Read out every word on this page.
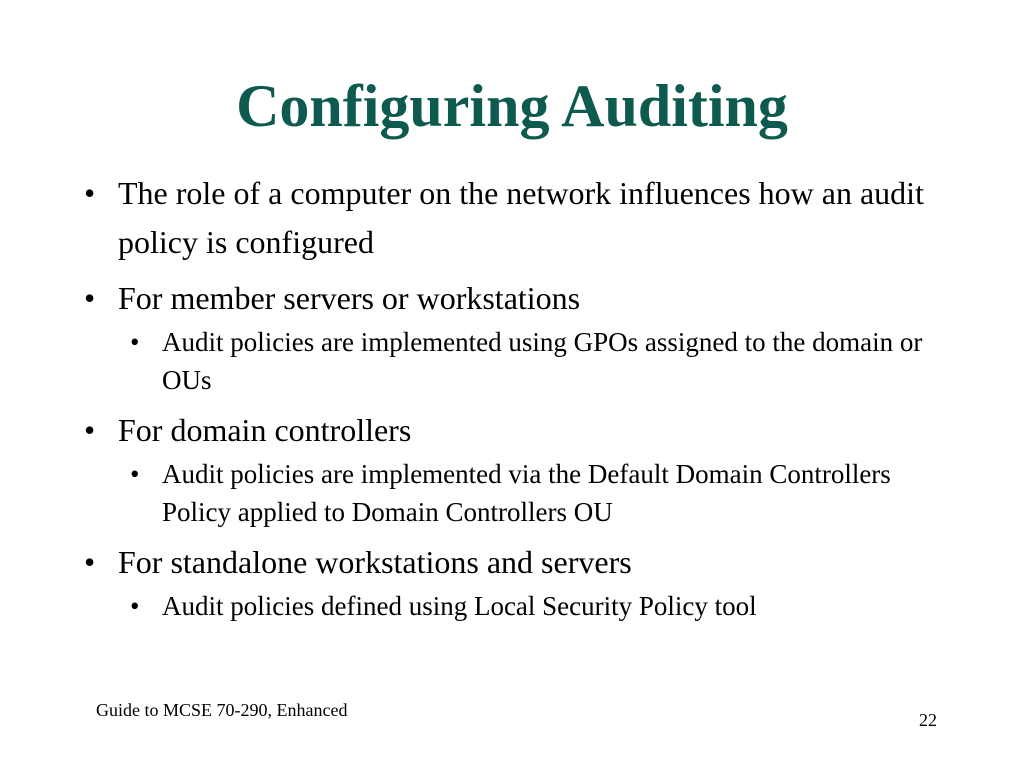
Configuring Auditing
• The role of a computer on the network influences how an audit policy is configured
• For member servers or workstations
• Audit policies are implemented using GPOs assigned to the domain or OUs
• For domain controllers
• Audit policies are implemented via the Default Domain Controllers Policy applied to Domain Controllers OU
• For standalone workstations and servers
• Audit policies defined using Local Security Policy tool
Guide to MCSE 70-290, Enhanced	22
